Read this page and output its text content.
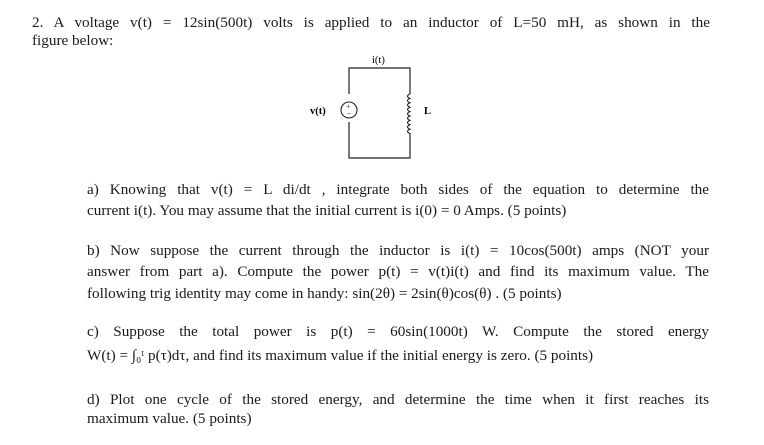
2. A voltage v(t) = 12sin(500t) volts is applied to an inductor of L=50 mH, as shown in the
figure below:
+
−
i(t)
v(t)	L
a) Knowing that v(t) = L di/dt , integrate both sides of the equation to determine the
current i(t). You may assume that the initial current is i(0) = 0 Amps. (5 points)
b) Now suppose the current through the inductor is i(t) = 10cos(500t) amps (NOT your
answer from part a). Compute the power p(t) = v(t)i(t) and find its maximum value. The
following trig identity may come in handy: sin(2θ) = 2sin(θ)cos(θ) . (5 points)
c) Suppose the total power is p(t) = 60sin(1000t) W. Compute the stored energy
W(t) = ∫₀ᵗ p(τ)dτ, and find its maximum value if the initial energy is zero. (5 points)
d) Plot one cycle of the stored energy, and determine the time when it first reaches its
maximum value. (5 points)
